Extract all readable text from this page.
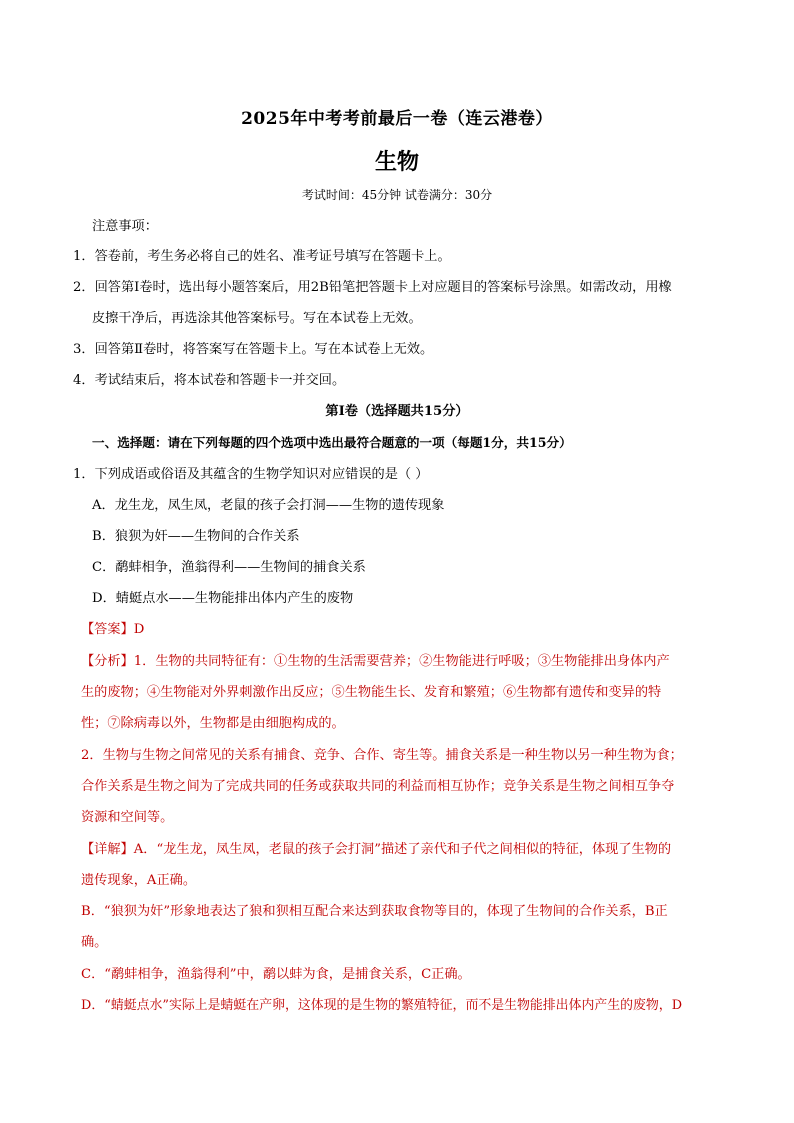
2025年中考考前最后一卷（连云港卷）
生物
考试时间：45分钟 试卷满分：30分
注意事项：
1．答卷前，考生务必将自己的姓名、准考证号填写在答题卡上。
2．回答第Ⅰ卷时，选出每小题答案后，用2B铅笔把答题卡上对应题目的答案标号涂黑。如需改动，用橡
皮擦干净后，再选涂其他答案标号。写在本试卷上无效。
3．回答第Ⅱ卷时，将答案写在答题卡上。写在本试卷上无效。
4．考试结束后，将本试卷和答题卡一并交回。
第Ⅰ卷（选择题共15分）
一、选择题：请在下列每题的四个选项中选出最符合题意的一项（每题1分，共15分）
1．下列成语或俗语及其蕴含的生物学知识对应错误的是（ ）
A．龙生龙，凤生凤，老鼠的孩子会打洞——生物的遗传现象
B．狼狈为奸——生物间的合作关系
C．鹬蚌相争，渔翁得利——生物间的捕食关系
D．蜻蜓点水——生物能排出体内产生的废物
【答案】D
【分析】1．生物的共同特征有：①生物的生活需要营养；②生物能进行呼吸；③生物能排出身体内产
生的废物；④生物能对外界刺激作出反应；⑤生物能生长、发育和繁殖；⑥生物都有遗传和变异的特
性；⑦除病毒以外，生物都是由细胞构成的。
2．生物与生物之间常见的关系有捕食、竞争、合作、寄生等。捕食关系是一种生物以另一种生物为食；
合作关系是生物之间为了完成共同的任务或获取共同的利益而相互协作；竞争关系是生物之间相互争夺
资源和空间等。
【详解】A．“龙生龙，凤生凤，老鼠的孩子会打洞”描述了亲代和子代之间相似的特征，体现了生物的
遗传现象，A正确。
B．“狼狈为奸”形象地表达了狼和狈相互配合来达到获取食物等目的，体现了生物间的合作关系，B正
确。
C．“鹬蚌相争，渔翁得利”中，鹬以蚌为食，是捕食关系，C正确。
D．“蜻蜓点水”实际上是蜻蜓在产卵，这体现的是生物的繁殖特征，而不是生物能排出体内产生的废物，D
